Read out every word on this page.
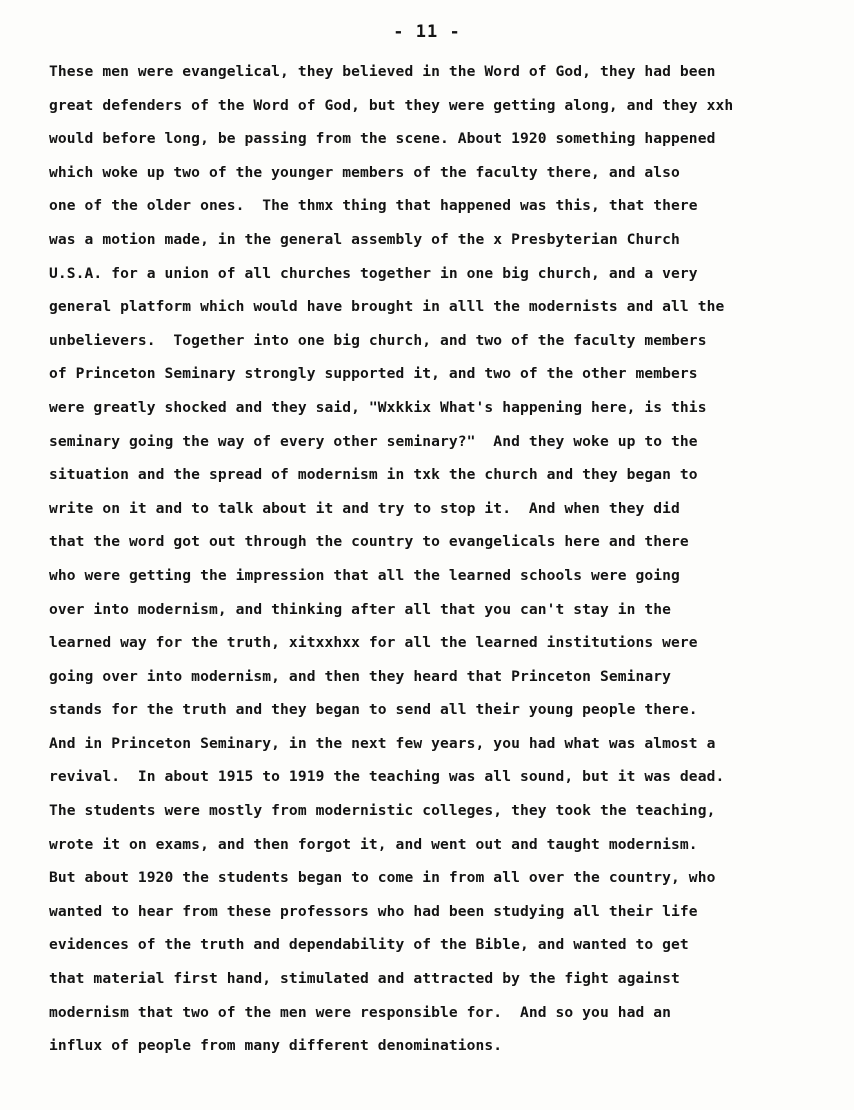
- 11 -
These men were evangelical, they believed in the Word of God, they had been
great defenders of the Word of God, but they were getting along, and they xxh
would before long, be passing from the scene. About 1920 something happened
which woke up two of the younger members of the faculty there, and also
one of the older ones.  The thmx thing that happened was this, that there
was a motion made, in the general assembly of the x Presbyterian Church
U.S.A. for a union of all churches together in one big church, and a very
general platform which would have brought in alll the modernists and all the
unbelievers.  Together into one big church, and two of the faculty members
of Princeton Seminary strongly supported it, and two of the other members
were greatly shocked and they said, "Wxkkix What's happening here, is this
seminary going the way of every other seminary?"  And they woke up to the
situation and the spread of modernism in txk the church and they began to
write on it and to talk about it and try to stop it.  And when they did
that the word got out through the country to evangelicals here and there
who were getting the impression that all the learned schools were going
over into modernism, and thinking after all that you can't stay in the
learned way for the truth, xitxxhxx for all the learned institutions were
going over into modernism, and then they heard that Princeton Seminary
stands for the truth and they began to send all their young people there.
And in Princeton Seminary, in the next few years, you had what was almost a
revival.  In about 1915 to 1919 the teaching was all sound, but it was dead.
The students were mostly from modernistic colleges, they took the teaching,
wrote it on exams, and then forgot it, and went out and taught modernism.
But about 1920 the students began to come in from all over the country, who
wanted to hear from these professors who had been studying all their life
evidences of the truth and dependability of the Bible, and wanted to get
that material first hand, stimulated and attracted by the fight against
modernism that two of the men were responsible for.  And so you had an
influx of people from many different denominations.
